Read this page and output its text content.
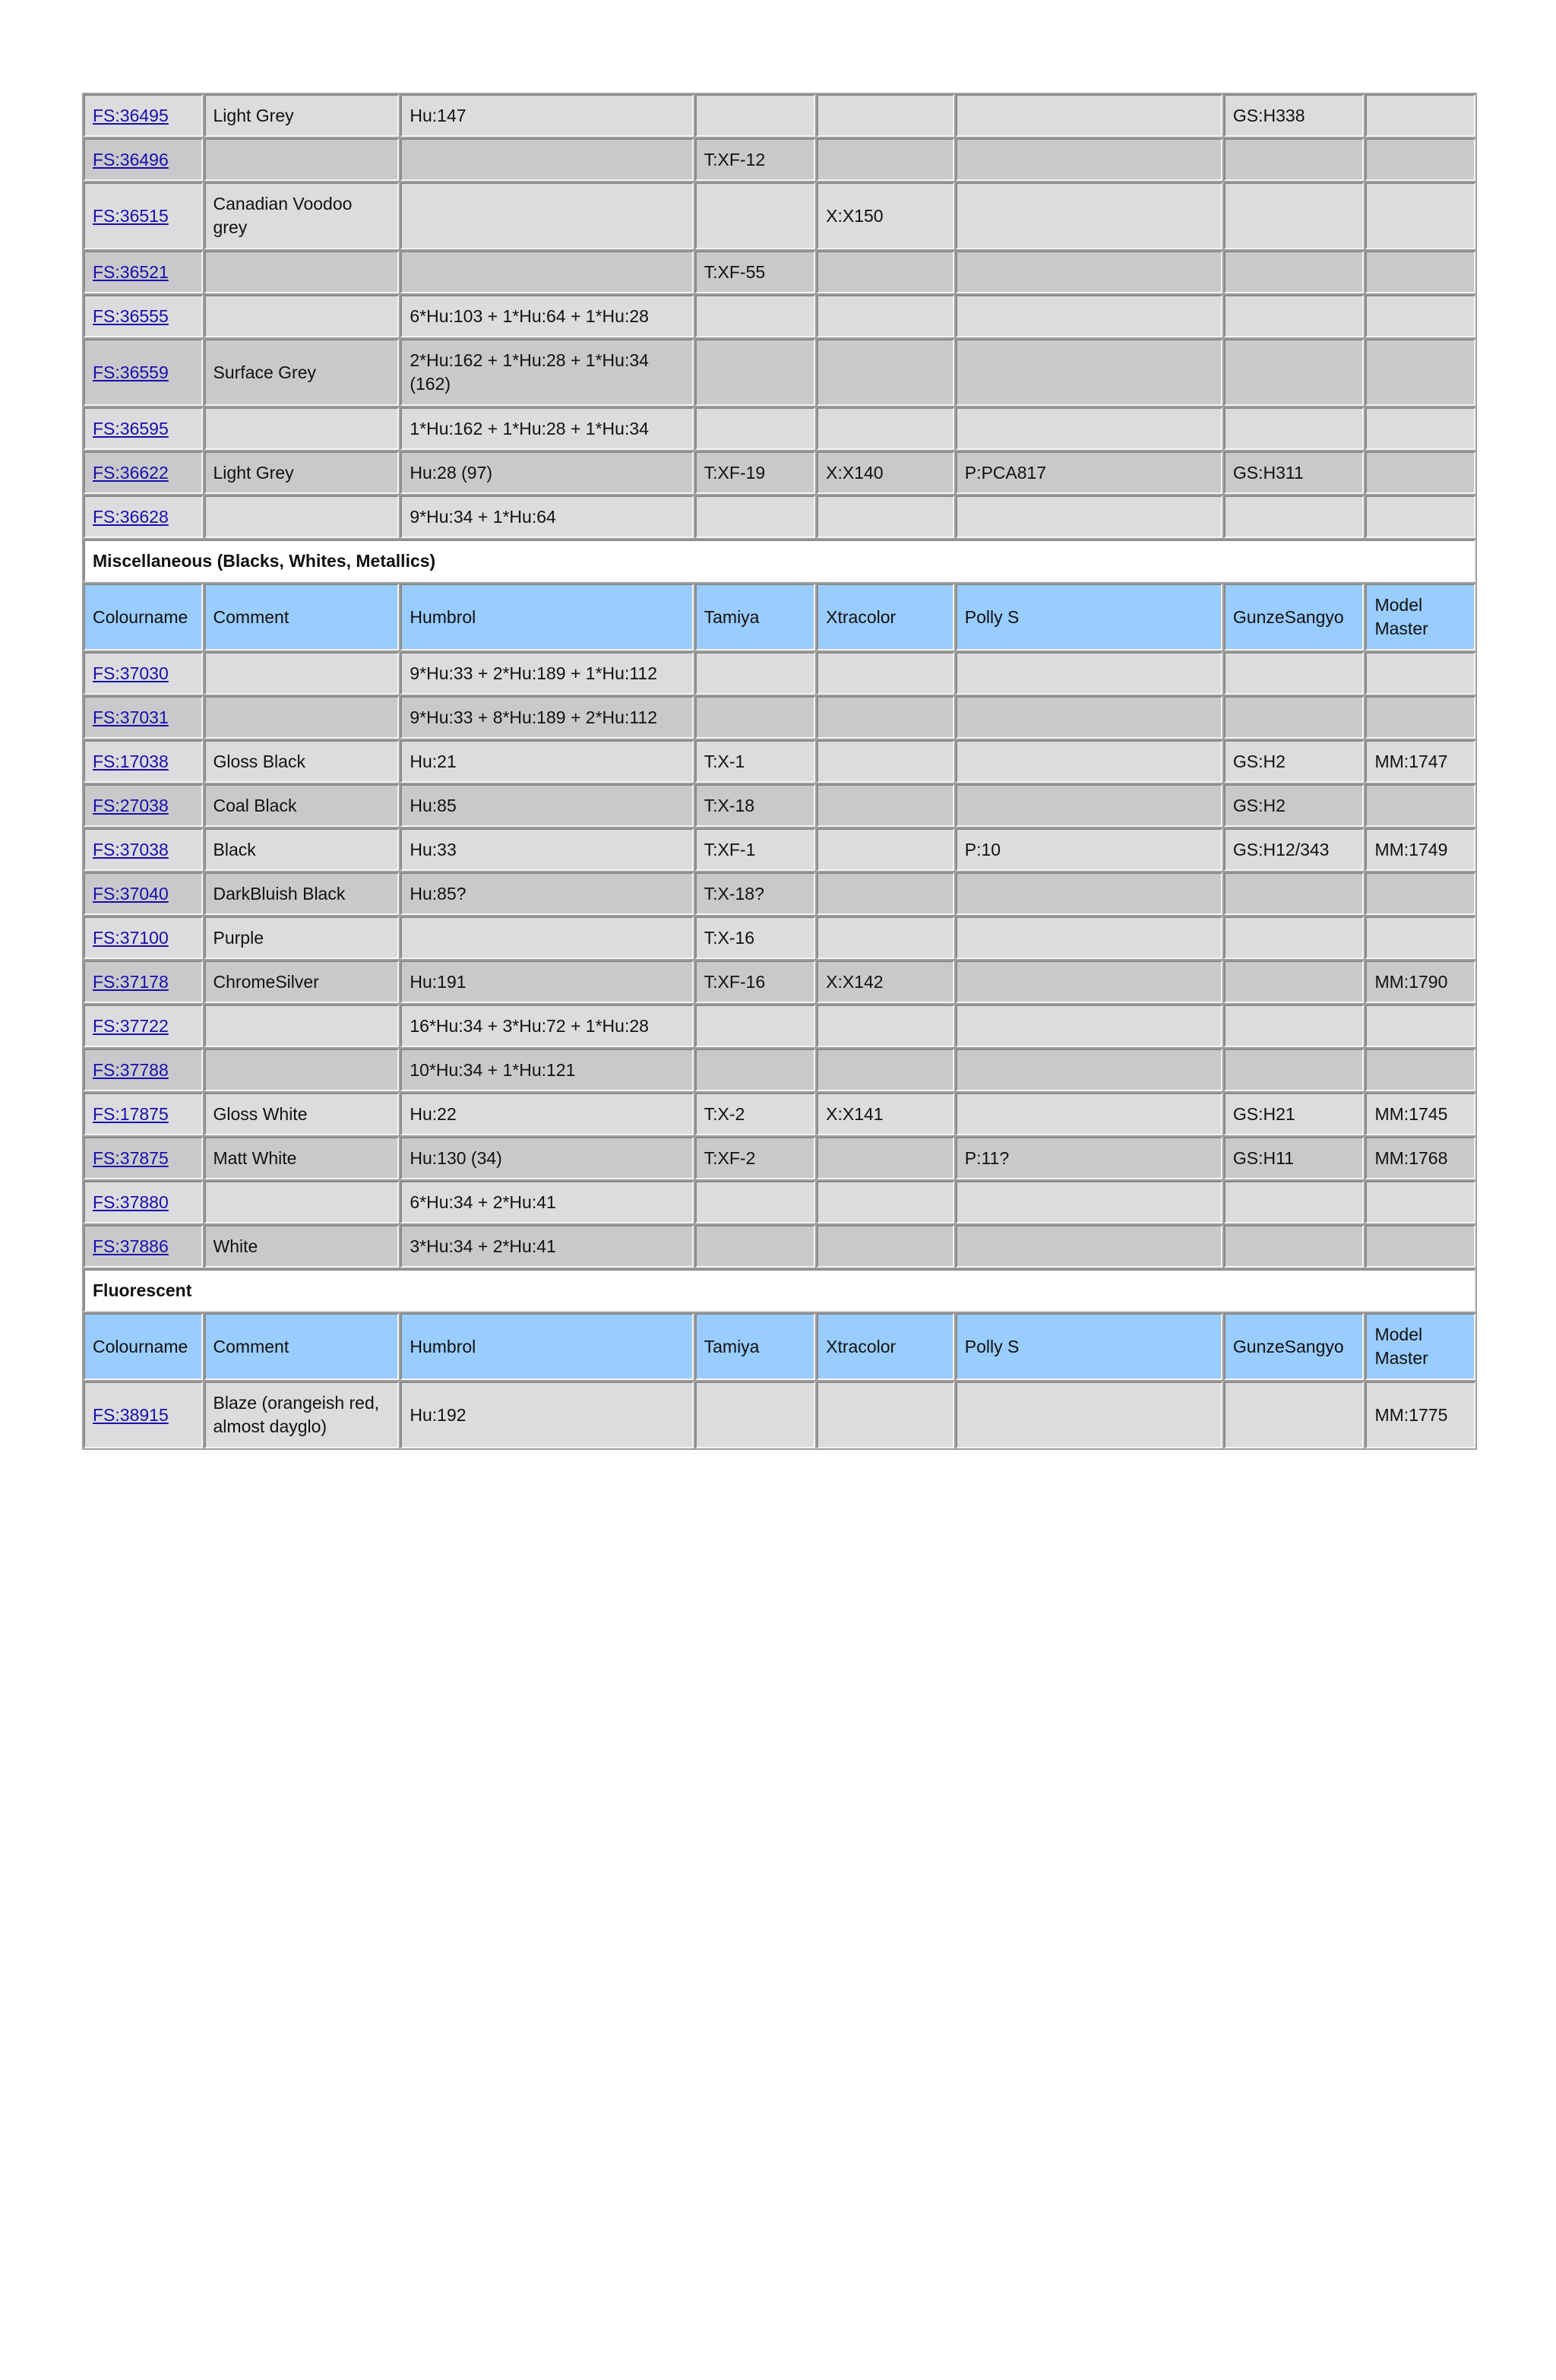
FS:36495	Light Grey	Hu:147				GS:H338	
FS:36496			T:XF-12				
FS:36515	Canadian Voodoo grey			X:X150			
FS:36521			T:XF-55				
FS:36555		6*Hu:103 + 1*Hu:64 + 1*Hu:28					
FS:36559	Surface Grey	2*Hu:162 + 1*Hu:28 + 1*Hu:34 (162)					
FS:36595		1*Hu:162 + 1*Hu:28 + 1*Hu:34					
FS:36622	Light Grey	Hu:28 (97)	T:XF-19	X:X140	P:PCA817	GS:H311	
FS:36628		9*Hu:34 + 1*Hu:64					
Miscellaneous (Blacks, Whites, Metallics)							
Colourname	Comment	Humbrol	Tamiya	Xtracolor	Polly S	GunzeSangyo	Model Master
FS:37030		9*Hu:33 + 2*Hu:189 + 1*Hu:112					
FS:37031		9*Hu:33 + 8*Hu:189 + 2*Hu:112					
FS:17038	Gloss Black	Hu:21	T:X-1			GS:H2	MM:1747
FS:27038	Coal Black	Hu:85	T:X-18			GS:H2	
FS:37038	Black	Hu:33	T:XF-1		P:10	GS:H12/343	MM:1749
FS:37040	DarkBluish Black	Hu:85?	T:X-18?				
FS:37100	Purple		T:X-16				
FS:37178	ChromeSilver	Hu:191	T:XF-16	X:X142			MM:1790
FS:37722		16*Hu:34 + 3*Hu:72 + 1*Hu:28					
FS:37788		10*Hu:34 + 1*Hu:121					
FS:17875	Gloss White	Hu:22	T:X-2	X:X141		GS:H21	MM:1745
FS:37875	Matt White	Hu:130 (34)	T:XF-2		P:11?	GS:H11	MM:1768
FS:37880		6*Hu:34 + 2*Hu:41					
FS:37886	White	3*Hu:34 + 2*Hu:41					
Fluorescent							
Colourname	Comment	Humbrol	Tamiya	Xtracolor	Polly S	GunzeSangyo	Model Master
FS:38915	Blaze (orangeish red, almost dayglo)	Hu:192					MM:1775
